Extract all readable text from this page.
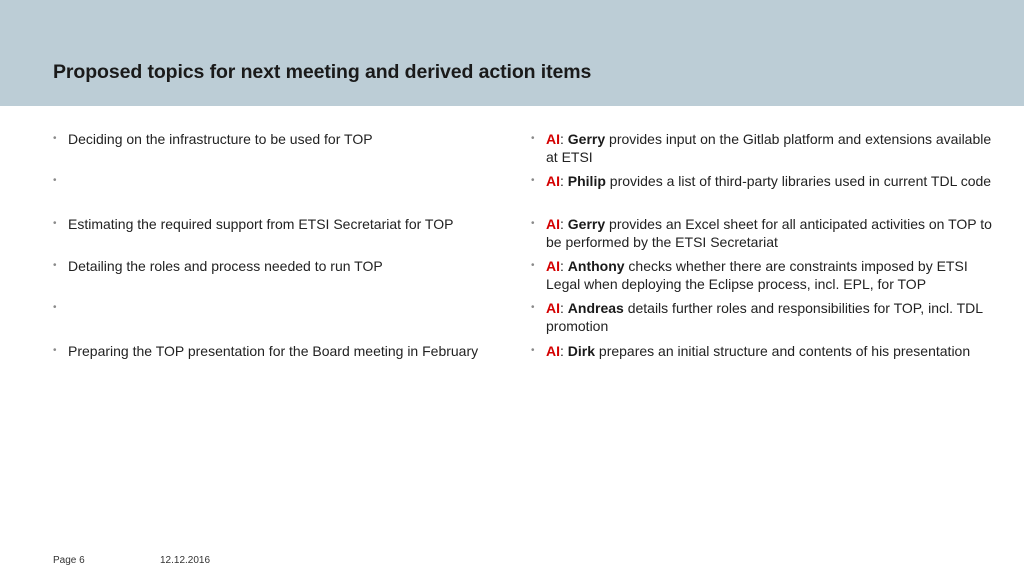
Proposed topics for next meeting and derived action items
• Deciding on the infrastructure to be used for TOP
•
• Estimating the required support from ETSI Secretariat for TOP
• Detailing the roles and process needed to run TOP
•
• Preparing the TOP presentation for the Board meeting in February
• AI: Gerry provides input on the Gitlab platform and extensions available at ETSI
• AI: Philip provides a list of third-party libraries used in current TDL code
• AI: Gerry provides an Excel sheet for all anticipated activities on TOP to be performed by the ETSI Secretariat
• AI: Anthony checks whether there are constraints imposed by ETSI Legal when deploying the Eclipse process, incl. EPL, for TOP
• AI: Andreas details further roles and responsibilities for TOP, incl. TDL promotion
• AI: Dirk prepares an initial structure and contents of his presentation
Page 6	12.12.2016
